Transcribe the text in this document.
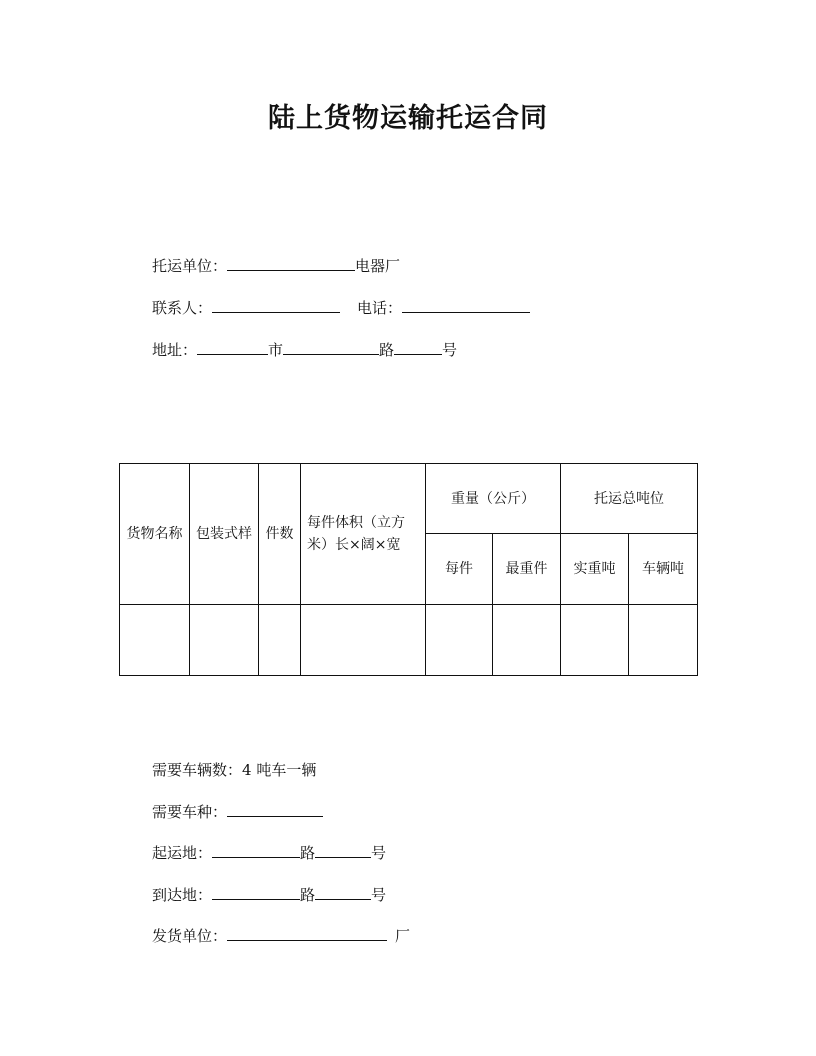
陆上货物运输托运合同
托运单位：	电器厂
联系人：	电话：
地址：	市	路	号
货物名称	包装式样	件数	每件体积（立方米）长×阔×宽	重量（公斤）		托运总吨位	
				每件	最重件	实重吨	车辆吨

需要车辆数：4 吨车一辆
需要车种：
起运地：	路	号
到达地：	路	号
发货单位：	厂
